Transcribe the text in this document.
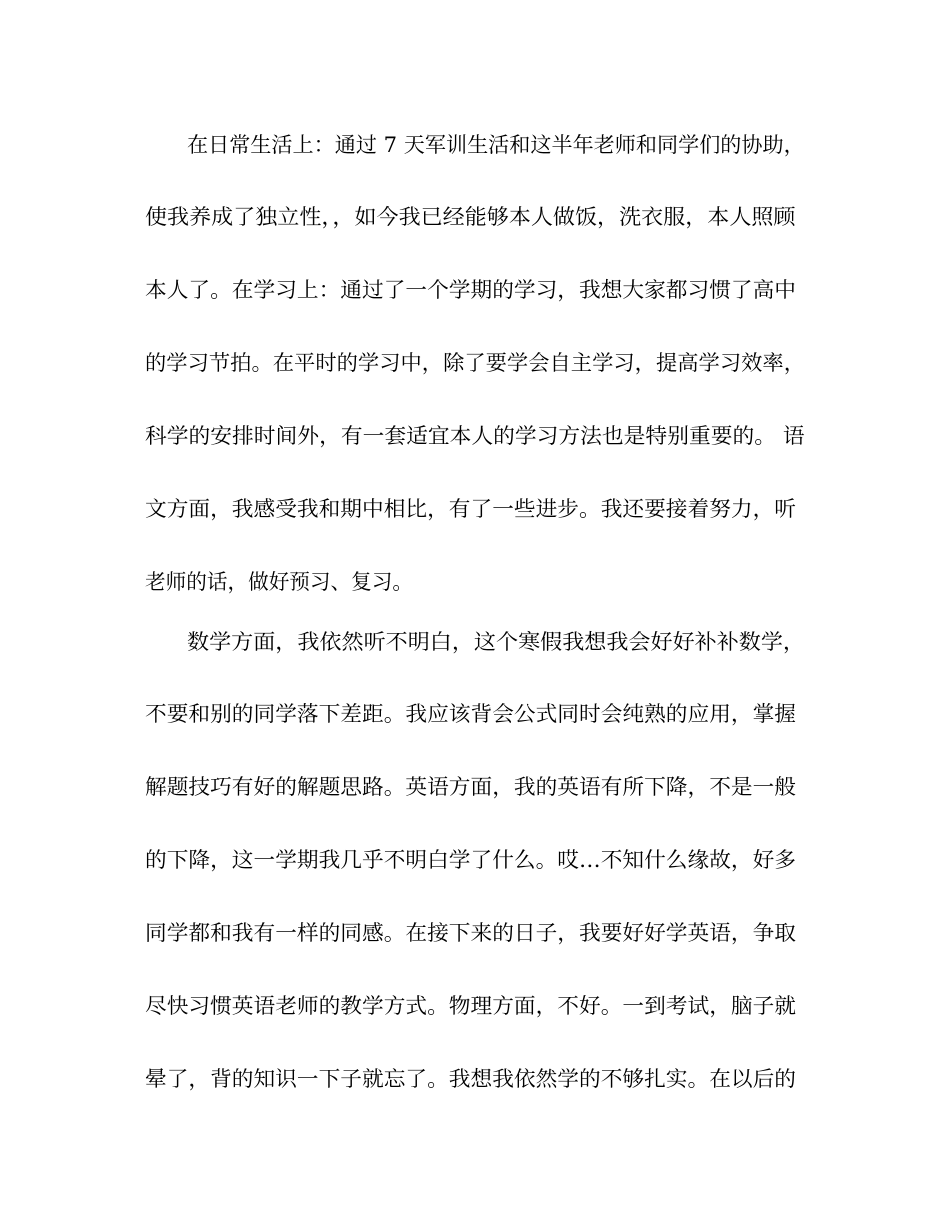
在日常生活上：通过 7 天军训生活和这半年老师和同学们的协助，
使我养成了独立性，，如今我已经能够本人做饭，洗衣服，本人照顾
本人了。在学习上：通过了一个学期的学习，我想大家都习惯了高中
的学习节拍。在平时的学习中，除了要学会自主学习，提高学习效率，
科学的安排时间外，有一套适宜本人的学习方法也是特别重要的。 语
文方面，我感受我和期中相比，有了一些进步。我还要接着努力，听
老师的话，做好预习、复习。
数学方面，我依然听不明白，这个寒假我想我会好好补补数学，
不要和别的同学落下差距。我应该背会公式同时会纯熟的应用，掌握
解题技巧有好的解题思路。英语方面，我的英语有所下降，不是一般
的下降，这一学期我几乎不明白学了什么。哎…不知什么缘故，好多
同学都和我有一样的同感。在接下来的日子，我要好好学英语，争取
尽快习惯英语老师的教学方式。物理方面，不好。一到考试，脑子就
晕了，背的知识一下子就忘了。我想我依然学的不够扎实。在以后的
